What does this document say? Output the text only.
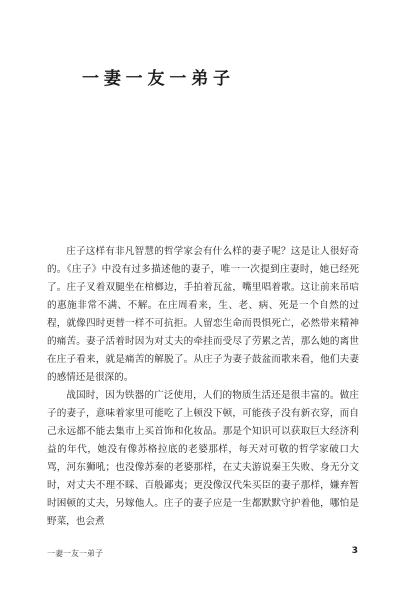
一 妻 一 友 一 弟 子

庄子这样有非凡智慧的哲学家会有什么样的妻子呢？这是让人很好奇的。《庄子》中没有过多描述他的妻子，唯一一次提到庄妻时，她已经死了。庄子叉着双腿坐在棺榔边，手拍着瓦盆，嘴里唱着歌。这让前来吊唁的惠施非常不满、不解。在庄周看来，生、老、病、死是一个自然的过程，就像四时更替一样不可抗拒。人留恋生命而畏惧死亡，必然带来精神的痛苦。妻子活着时因为对丈夫的牵挂而受尽了劳累之苦，那么她的离世在庄子看来，就是痛苦的解脱了。从庄子为妻子鼓盆而歌来看，他们夫妻的感情还是很深的。

战国时，因为铁器的广泛使用，人们的物质生活还是很丰富的。做庄子的妻子，意味着家里可能吃了上顿没下顿，可能孩子没有新衣穿，而自己永远都不能去集市上买首饰和化妆品。那是个知识可以获取巨大经济利益的年代，她没有像苏格拉底的老婆那样，每天对可敬的哲学家破口大骂，河东狮吼；也没像苏秦的老婆那样，在丈夫游说秦王失败、身无分文时，对丈夫不理不睬、百般鄙夷；更没像汉代朱买臣的妻子那样，嫌弃暂时困顿的丈夫，另嫁他人。庄子的妻子应是一生都默默守护着他，哪怕是野菜，也会煮

一妻一友一弟子	3
